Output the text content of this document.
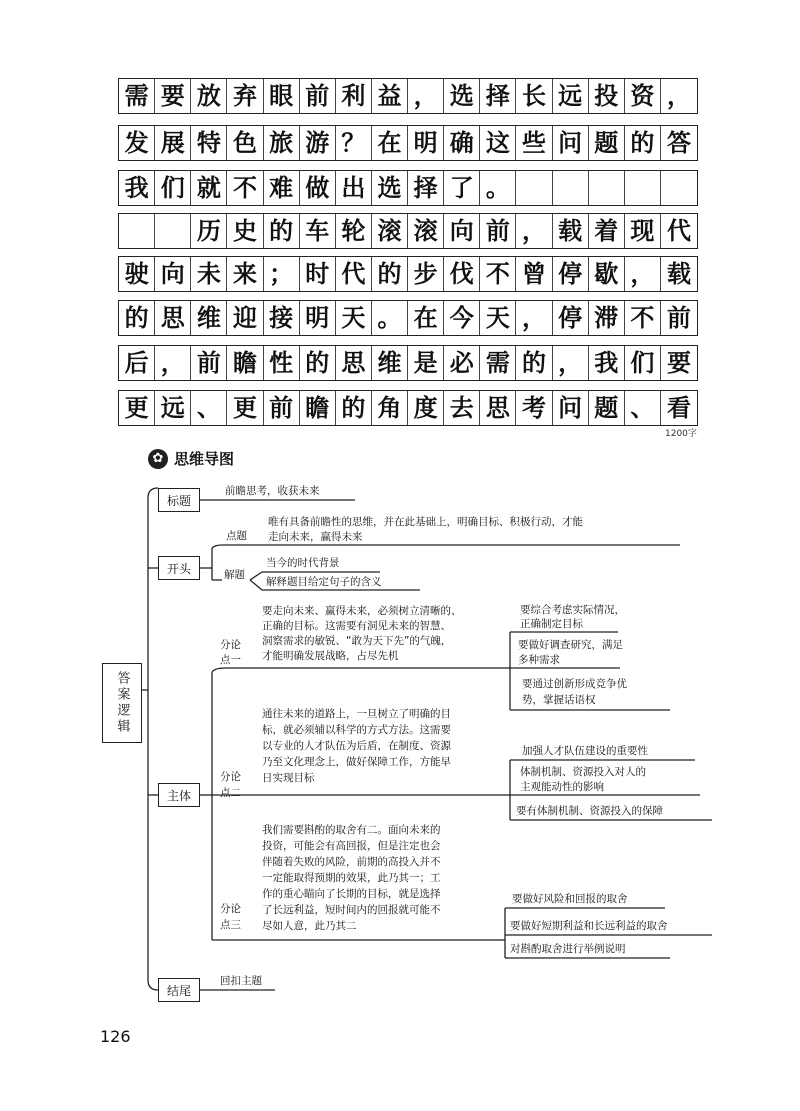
需 要 放 弃 眼 前 利 益 ， 选 择 长 远 投 资 ，
发 展 特 色 旅 游 ？ 在 明 确 这 些 问 题 的 答
我 们 就 不 难 做 出 选 择 了 。
历 史 的 车 轮 滚 滚 向 前 ， 载 着 现 代
驶 向 未 来 ； 时 代 的 步 伐 不 曾 停 歇 ， 载
的 思 维 迎 接 明 天 。 在 今 天 ， 停 滞 不 前
后 ， 前 瞻 性 的 思 维 是 必 需 的 ， 我 们 要
更 远 、 更 前 瞻 的 角 度 去 思 考 问 题 、 看
1200字
✿ 思维导图
答案逻辑
标题
前瞻思考，收获未来
开头
点题
唯有具备前瞻性的思维，并在此基础上，明确目标、积极行动，才能
走向未来，赢得未来
解题
当今的时代背景
解释题目给定句子的含义
主体
分论
点一
要走向未来、赢得未来，必须树立清晰的、
正确的目标。这需要有洞见未来的智慧、
洞察需求的敏锐、“敢为天下先”的气魄，
才能明确发展战略，占尽先机
要综合考虑实际情况，
正确制定目标
要做好调查研究，满足
多种需求
要通过创新形成竞争优
势，掌握话语权
分论
点二
通往未来的道路上，一旦树立了明确的目
标，就必须辅以科学的方式方法。这需要
以专业的人才队伍为后盾，在制度、资源
乃至文化理念上，做好保障工作，方能早
日实现目标
加强人才队伍建设的重要性
体制机制、资源投入对人的
主观能动性的影响
要有体制机制、资源投入的保障
分论
点三
我们需要斟酌的取舍有二。面向未来的
投资，可能会有高回报，但是注定也会
伴随着失败的风险，前期的高投入并不
一定能取得预期的效果，此乃其一；工
作的重心瞄向了长期的目标，就是选择
了长远利益，短时间内的回报就可能不
尽如人意，此乃其二
要做好风险和回报的取舍
要做好短期利益和长远利益的取舍
对斟酌取舍进行举例说明
结尾
回扣主题
126
